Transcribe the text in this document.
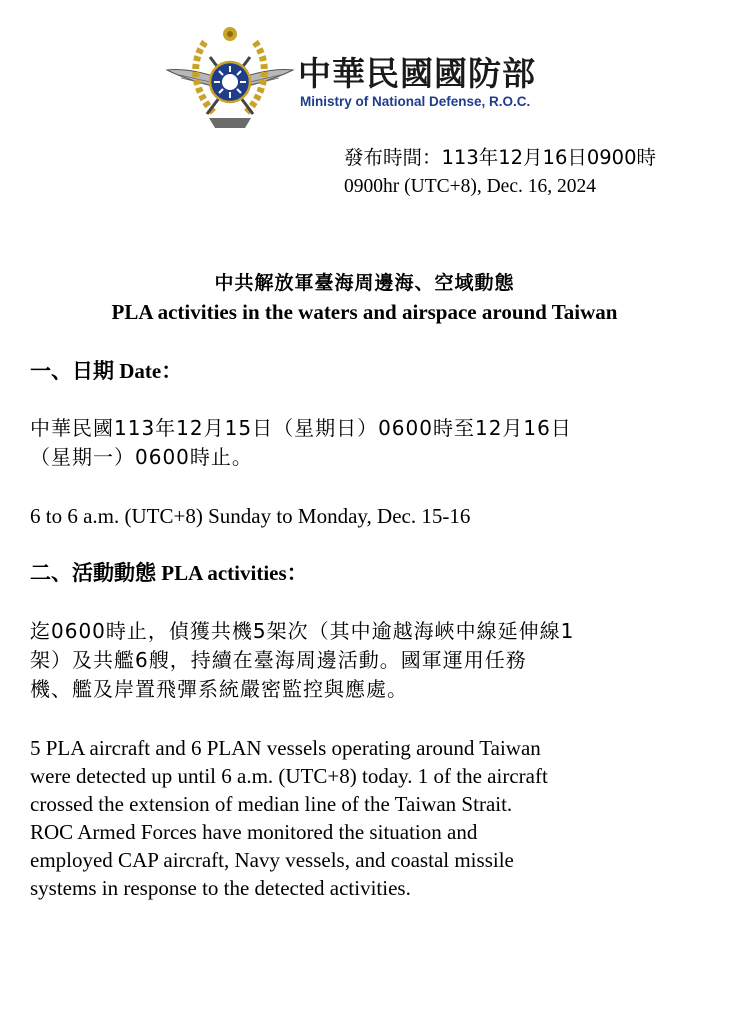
中華民國國防部
Ministry of National Defense, R.O.C.
發布時間：113年12月16日0900時
0900hr (UTC+8), Dec. 16, 2024
中共解放軍臺海周邊海、空域動態
PLA activities in the waters and airspace around Taiwan
一、日期 Date：
中華民國113年12月15日（星期日）0600時至12月16日
（星期一）0600時止。
6 to 6 a.m. (UTC+8) Sunday to Monday, Dec. 15-16
二、活動動態 PLA activities：
迄0600時止，偵獲共機5架次（其中逾越海峽中線延伸線1
架）及共艦6艘，持續在臺海周邊活動。國軍運用任務
機、艦及岸置飛彈系統嚴密監控與應處。
5 PLA aircraft and 6 PLAN vessels operating around Taiwan
were detected up until 6 a.m. (UTC+8) today. 1 of the aircraft
crossed the extension of median line of the Taiwan Strait.
ROC Armed Forces have monitored the situation and
employed CAP aircraft, Navy vessels, and coastal missile
systems in response to the detected activities.
